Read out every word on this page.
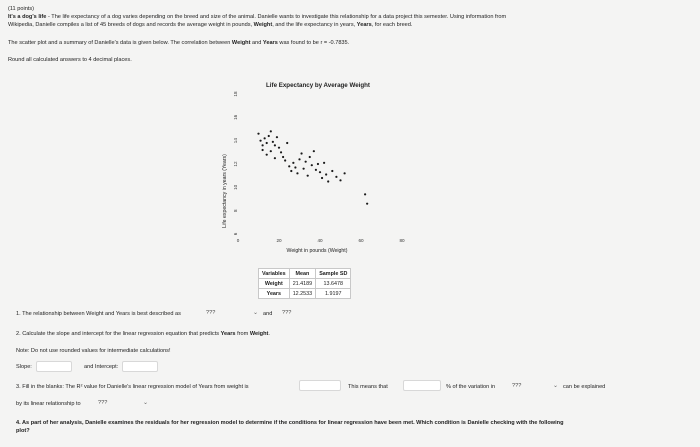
(11 points)
It's a dog's life - The life expectancy of a dog varies depending on the breed and size of the animal. Danielle wants to investigate this relationship for a data project this semester. Using information from
Wikipedia, Danielle compiles a list of 45 breeds of dogs and records the average weight in pounds, Weight, and the life expectancy in years, Years, for each breed.
The scatter plot and a summary of Danielle's data is given below. The correlation between Weight and Years was found to be r = -0.7835.
Round all calculated answers to 4 decimal places.
Life Expectancy by Average Weight
Life expectancy in years (Years)
Weight in pounds (Weight)
6
8
10
12
14
16
18
0	20	40	60	80
Variables	Mean	Sample SD
Weight	21.4189	13.6478
Years	12.2533	1.9197
1. The relationship between Weight and Years is best described as	???	⌄ and	???
2. Calculate the slope and intercept for the linear regression equation that predicts Years from Weight.
Note: Do not use rounded values for intermediate calculations!
Slope:	and Intercept:
3. Fill in the blanks: The R² value for Danielle's linear regression model of Years from weight is	This means that	% of the variation in	???	⌄ can be explained
by its linear relationship to	???	⌄
4. As part of her analysis, Danielle examines the residuals for her regression model to determine if the conditions for linear regression have been met. Which condition is Danielle checking with the following
plot?
